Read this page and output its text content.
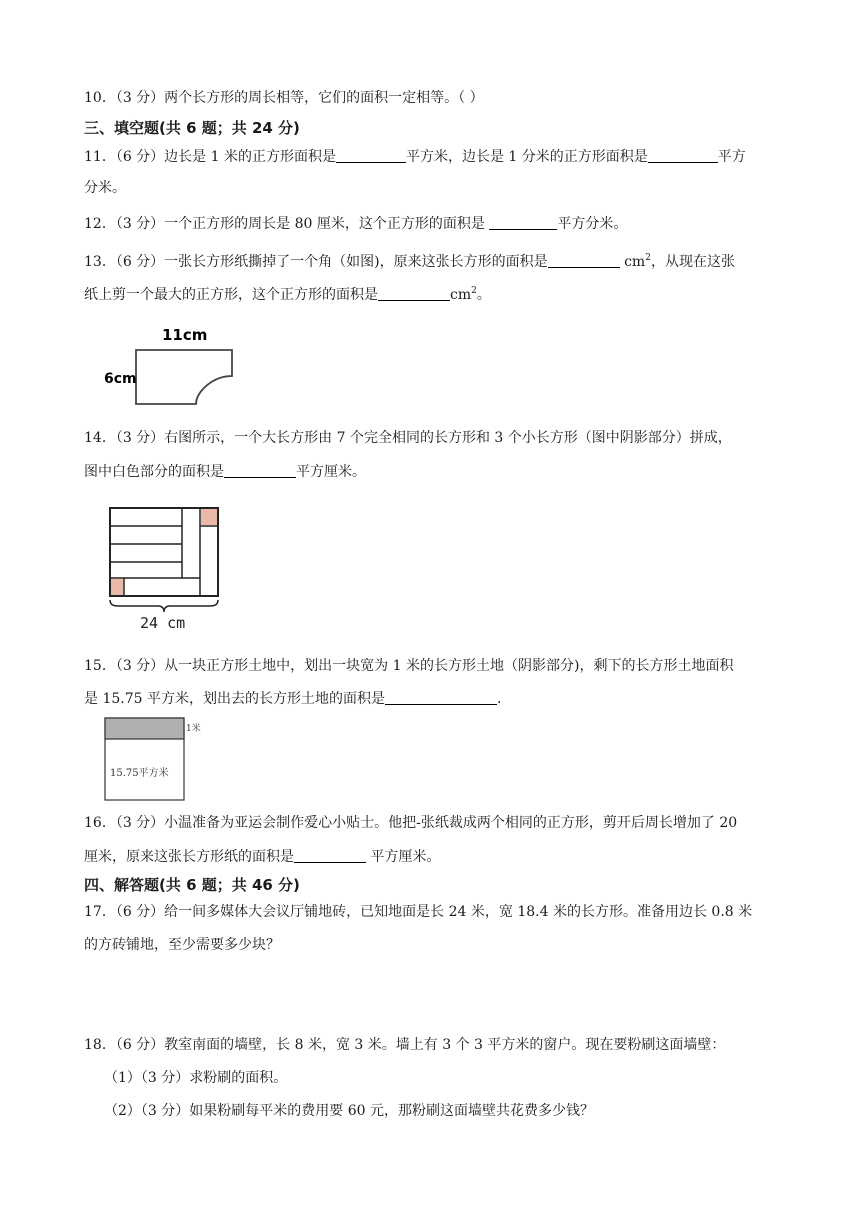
10．（3 分）两个长方形的周长相等，它们的面积一定相等。（ ）
三、填空题(共 6 题；共 24 分)
11．（6 分）边长是 1 米的正方形面积是	平方米，边长是 1 分米的正方形面积是	平方
分米。
12．（3 分）一个正方形的周长是 80 厘米，这个正方形的面积是	平方分米。
13．（6 分）一张长方形纸撕掉了一个角（如图)，原来这张长方形的面积是	$cm^2$，从现在这张
纸上剪一个最大的正方形，这个正方形的面积是	$cm^2$。
11cm
6cm
14．（3 分）右图所示，一个大长方形由 7 个完全相同的长方形和 3 个小长方形（图中阴影部分）拼成，
图中白色部分的面积是	平方厘米。
24 cm
15．（3 分）从一块正方形土地中，划出一块宽为 1 米的长方形土地（阴影部分)，剩下的长方形土地面积
是 15.75 平方米，划出去的长方形土地的面积是	.
1米
15.75平方米
16．（3 分）小温准备为亚运会制作爱心小贴士。他把-张纸裁成两个相同的正方形，剪开后周长增加了 20
厘米，原来这张长方形纸的面积是	平方厘米。
四、解答题(共 6 题；共 46 分)
17．（6 分）给一间多媒体大会议厅铺地砖，已知地面是长 24 米，宽 18.4 米的长方形。准备用边长 0.8 米
的方砖铺地，至少需要多少块？
18．（6 分）教室南面的墙壁，长 8 米，宽 3 米。墙上有 3 个 3 平方米的窗户。现在要粉刷这面墙壁：
（1）（3 分）求粉刷的面积。
（2）（3 分）如果粉刷每平米的费用要 60 元，那粉刷这面墙壁共花费多少钱？
